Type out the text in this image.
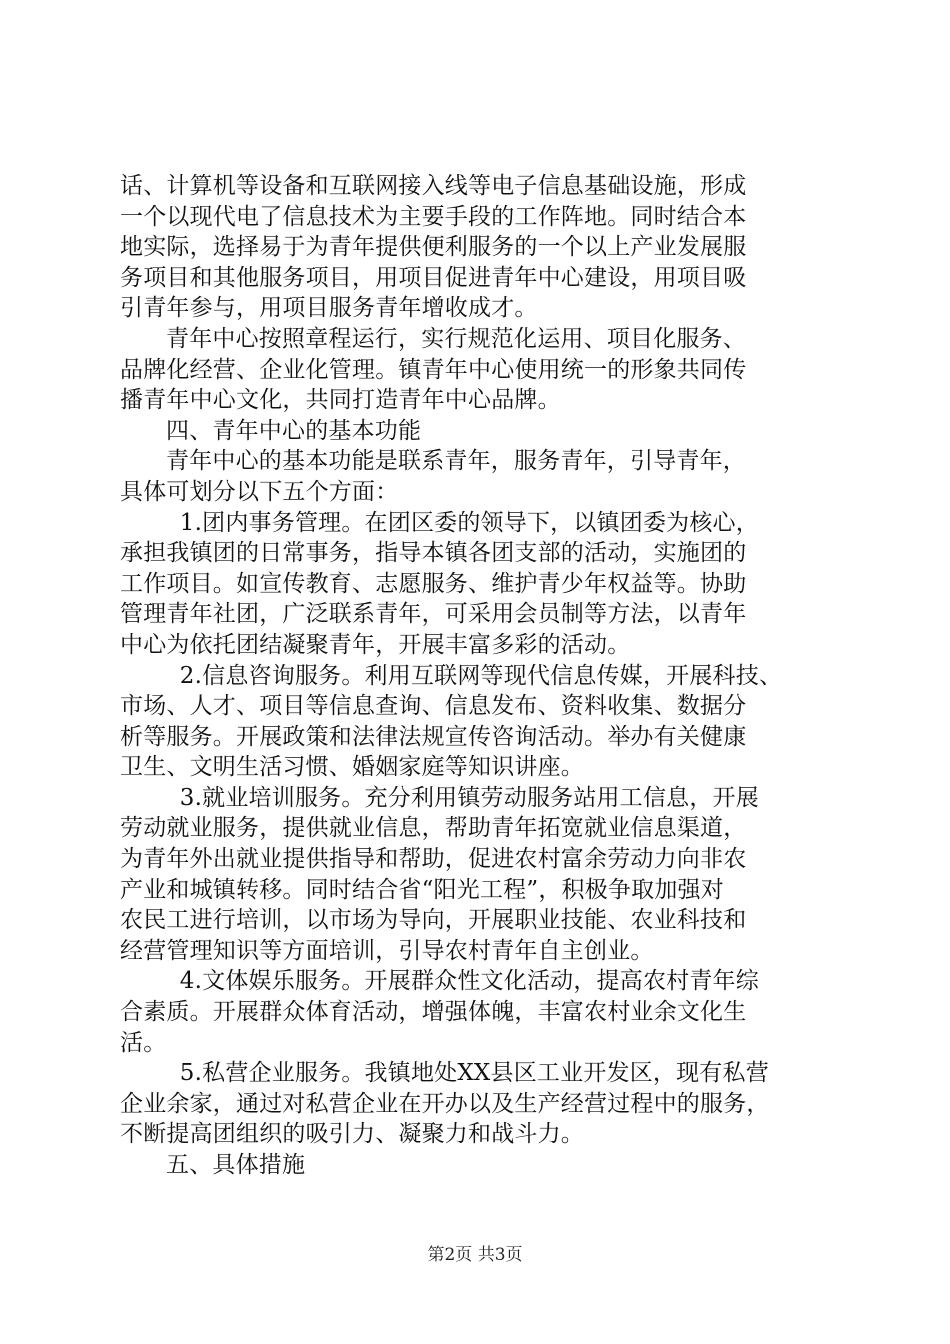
话、计算机等设备和互联网接入线等电子信息基础设施，形成
一个以现代电了信息技术为主要手段的工作阵地。同时结合本
地实际，选择易于为青年提供便利服务的一个以上产业发展服
务项目和其他服务项目，用项目促进青年中心建设，用项目吸
引青年参与，用项目服务青年增收成才。
青年中心按照章程运行，实行规范化运用、项目化服务、
品牌化经营、企业化管理。镇青年中心使用统一的形象共同传
播青年中心文化，共同打造青年中心品牌。
四、青年中心的基本功能
青年中心的基本功能是联系青年，服务青年，引导青年，
具体可划分以下五个方面：
1.团内事务管理。在团区委的领导下，以镇团委为核心，
承担我镇团的日常事务，指导本镇各团支部的活动，实施团的
工作项目。如宣传教育、志愿服务、维护青少年权益等。协助
管理青年社团，广泛联系青年，可采用会员制等方法，以青年
中心为依托团结凝聚青年，开展丰富多彩的活动。
2.信息咨询服务。利用互联网等现代信息传媒，开展科技、
市场、人才、项目等信息查询、信息发布、资料收集、数据分
析等服务。开展政策和法律法规宣传咨询活动。举办有关健康
卫生、文明生活习惯、婚姻家庭等知识讲座。
3.就业培训服务。充分利用镇劳动服务站用工信息，开展
劳动就业服务，提供就业信息，帮助青年拓宽就业信息渠道，
为青年外出就业提供指导和帮助，促进农村富余劳动力向非农
产业和城镇转移。同时结合省“阳光工程”，积极争取加强对
农民工进行培训，以市场为导向，开展职业技能、农业科技和
经营管理知识等方面培训，引导农村青年自主创业。
4.文体娱乐服务。开展群众性文化活动，提高农村青年综
合素质。开展群众体育活动，增强体魄，丰富农村业余文化生
活。
5.私营企业服务。我镇地处XX县区工业开发区，现有私营
企业余家，通过对私营企业在开办以及生产经营过程中的服务，
不断提高团组织的吸引力、凝聚力和战斗力。
五、具体措施
第2页 共3页
